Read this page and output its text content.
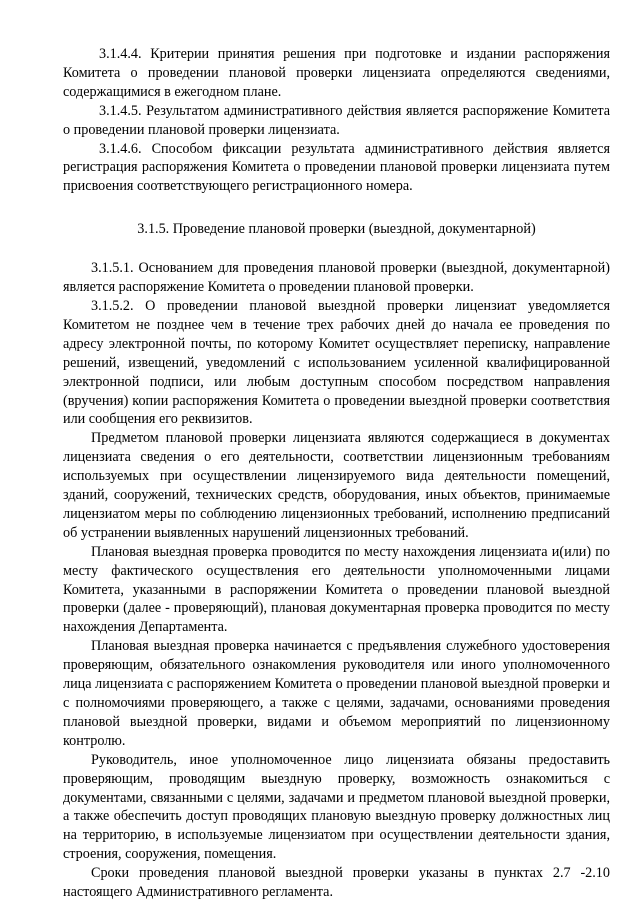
3.1.4.4. Критерии принятия решения при подготовке и издании распоряжения Комитета о проведении плановой проверки лицензиата определяются сведениями, содержащимися в ежегодном плане.

3.1.4.5. Результатом административного действия является распоряжение Комитета о проведении плановой проверки лицензиата.

3.1.4.6. Способом фиксации результата административного действия является регистрация распоряжения Комитета о проведении плановой проверки лицензиата путем присвоения соответствующего регистрационного номера.

3.1.5. Проведение плановой проверки (выездной, документарной)

3.1.5.1. Основанием для проведения плановой проверки (выездной, документарной) является распоряжение Комитета о проведении плановой проверки.

3.1.5.2. О проведении плановой выездной проверки лицензиат уведомляется Комитетом не позднее чем в течение трех рабочих дней до начала ее проведения по адресу электронной почты, по которому Комитет осуществляет переписку, направление решений, извещений, уведомлений с использованием усиленной квалифицированной электронной подписи, или любым доступным способом посредством направления (вручения) копии распоряжения Комитета о проведении выездной проверки соответствия или сообщения его реквизитов.

Предметом плановой проверки лицензиата являются содержащиеся в документах лицензиата сведения о его деятельности, соответствии лицензионным требованиям используемых при осуществлении лицензируемого вида деятельности помещений, зданий, сооружений, технических средств, оборудования, иных объектов, принимаемые лицензиатом меры по соблюдению лицензионных требований, исполнению предписаний об устранении выявленных нарушений лицензионных требований.

Плановая выездная проверка проводится по месту нахождения лицензиата и(или) по месту фактического осуществления его деятельности уполномоченными лицами Комитета, указанными в распоряжении Комитета о проведении плановой выездной проверки (далее - проверяющий), плановая документарная проверка проводится по месту нахождения Департамента.

Плановая выездная проверка начинается с предъявления служебного удостоверения проверяющим, обязательного ознакомления руководителя или иного уполномоченного лица лицензиата с распоряжением Комитета о проведении плановой выездной проверки и с полномочиями проверяющего, а также с целями, задачами, основаниями проведения плановой выездной проверки, видами и объемом мероприятий по лицензионному контролю.

Руководитель, иное уполномоченное лицо лицензиата обязаны предоставить проверяющим, проводящим выездную проверку, возможность ознакомиться с документами, связанными с целями, задачами и предметом плановой выездной проверки, а также обеспечить доступ проводящих плановую выездную проверку должностных лиц на территорию, в используемые лицензиатом при осуществлении деятельности здания, строения, сооружения, помещения.

Сроки проведения плановой выездной проверки указаны в пунктах 2.7 -2.10 настоящего Административного регламента.
